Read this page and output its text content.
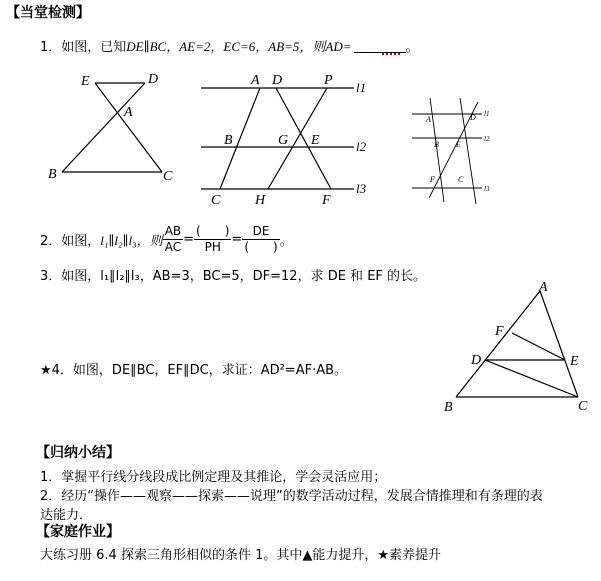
【当堂检测】
1．如图，已知DE∥BC，AE=2，EC=6，AB=5，则AD=	。
E	D
A
B	C
A D	P l1
B	G E	l2
C H	F
l3
A	D l1
B E
l2
F	C
l3
2．如图， l₁∥l₂∥l₃，则 $\frac{AB}{AC} = \frac{( )}{PH} = \frac{DE}{( )}$ 。
3．如图，l₁∥l₂∥l₃，AB=3，BC=5，DF=12，求 DE 和 EF 的长。
★4．如图，DE∥BC，EF∥DC，求证：AD²=AF·AB。
A
F
D	E
B	C
【归纳小结】
1．掌握平行线分线段成比例定理及其推论，学会灵活应用；
2．经历“操作——观察——探索——说理”的数学活动过程，发展合情推理和有条理的表
达能力．
【家庭作业】
大练习册 6.4 探索三角形相似的条件 1。其中▲能力提升，★素养提升
